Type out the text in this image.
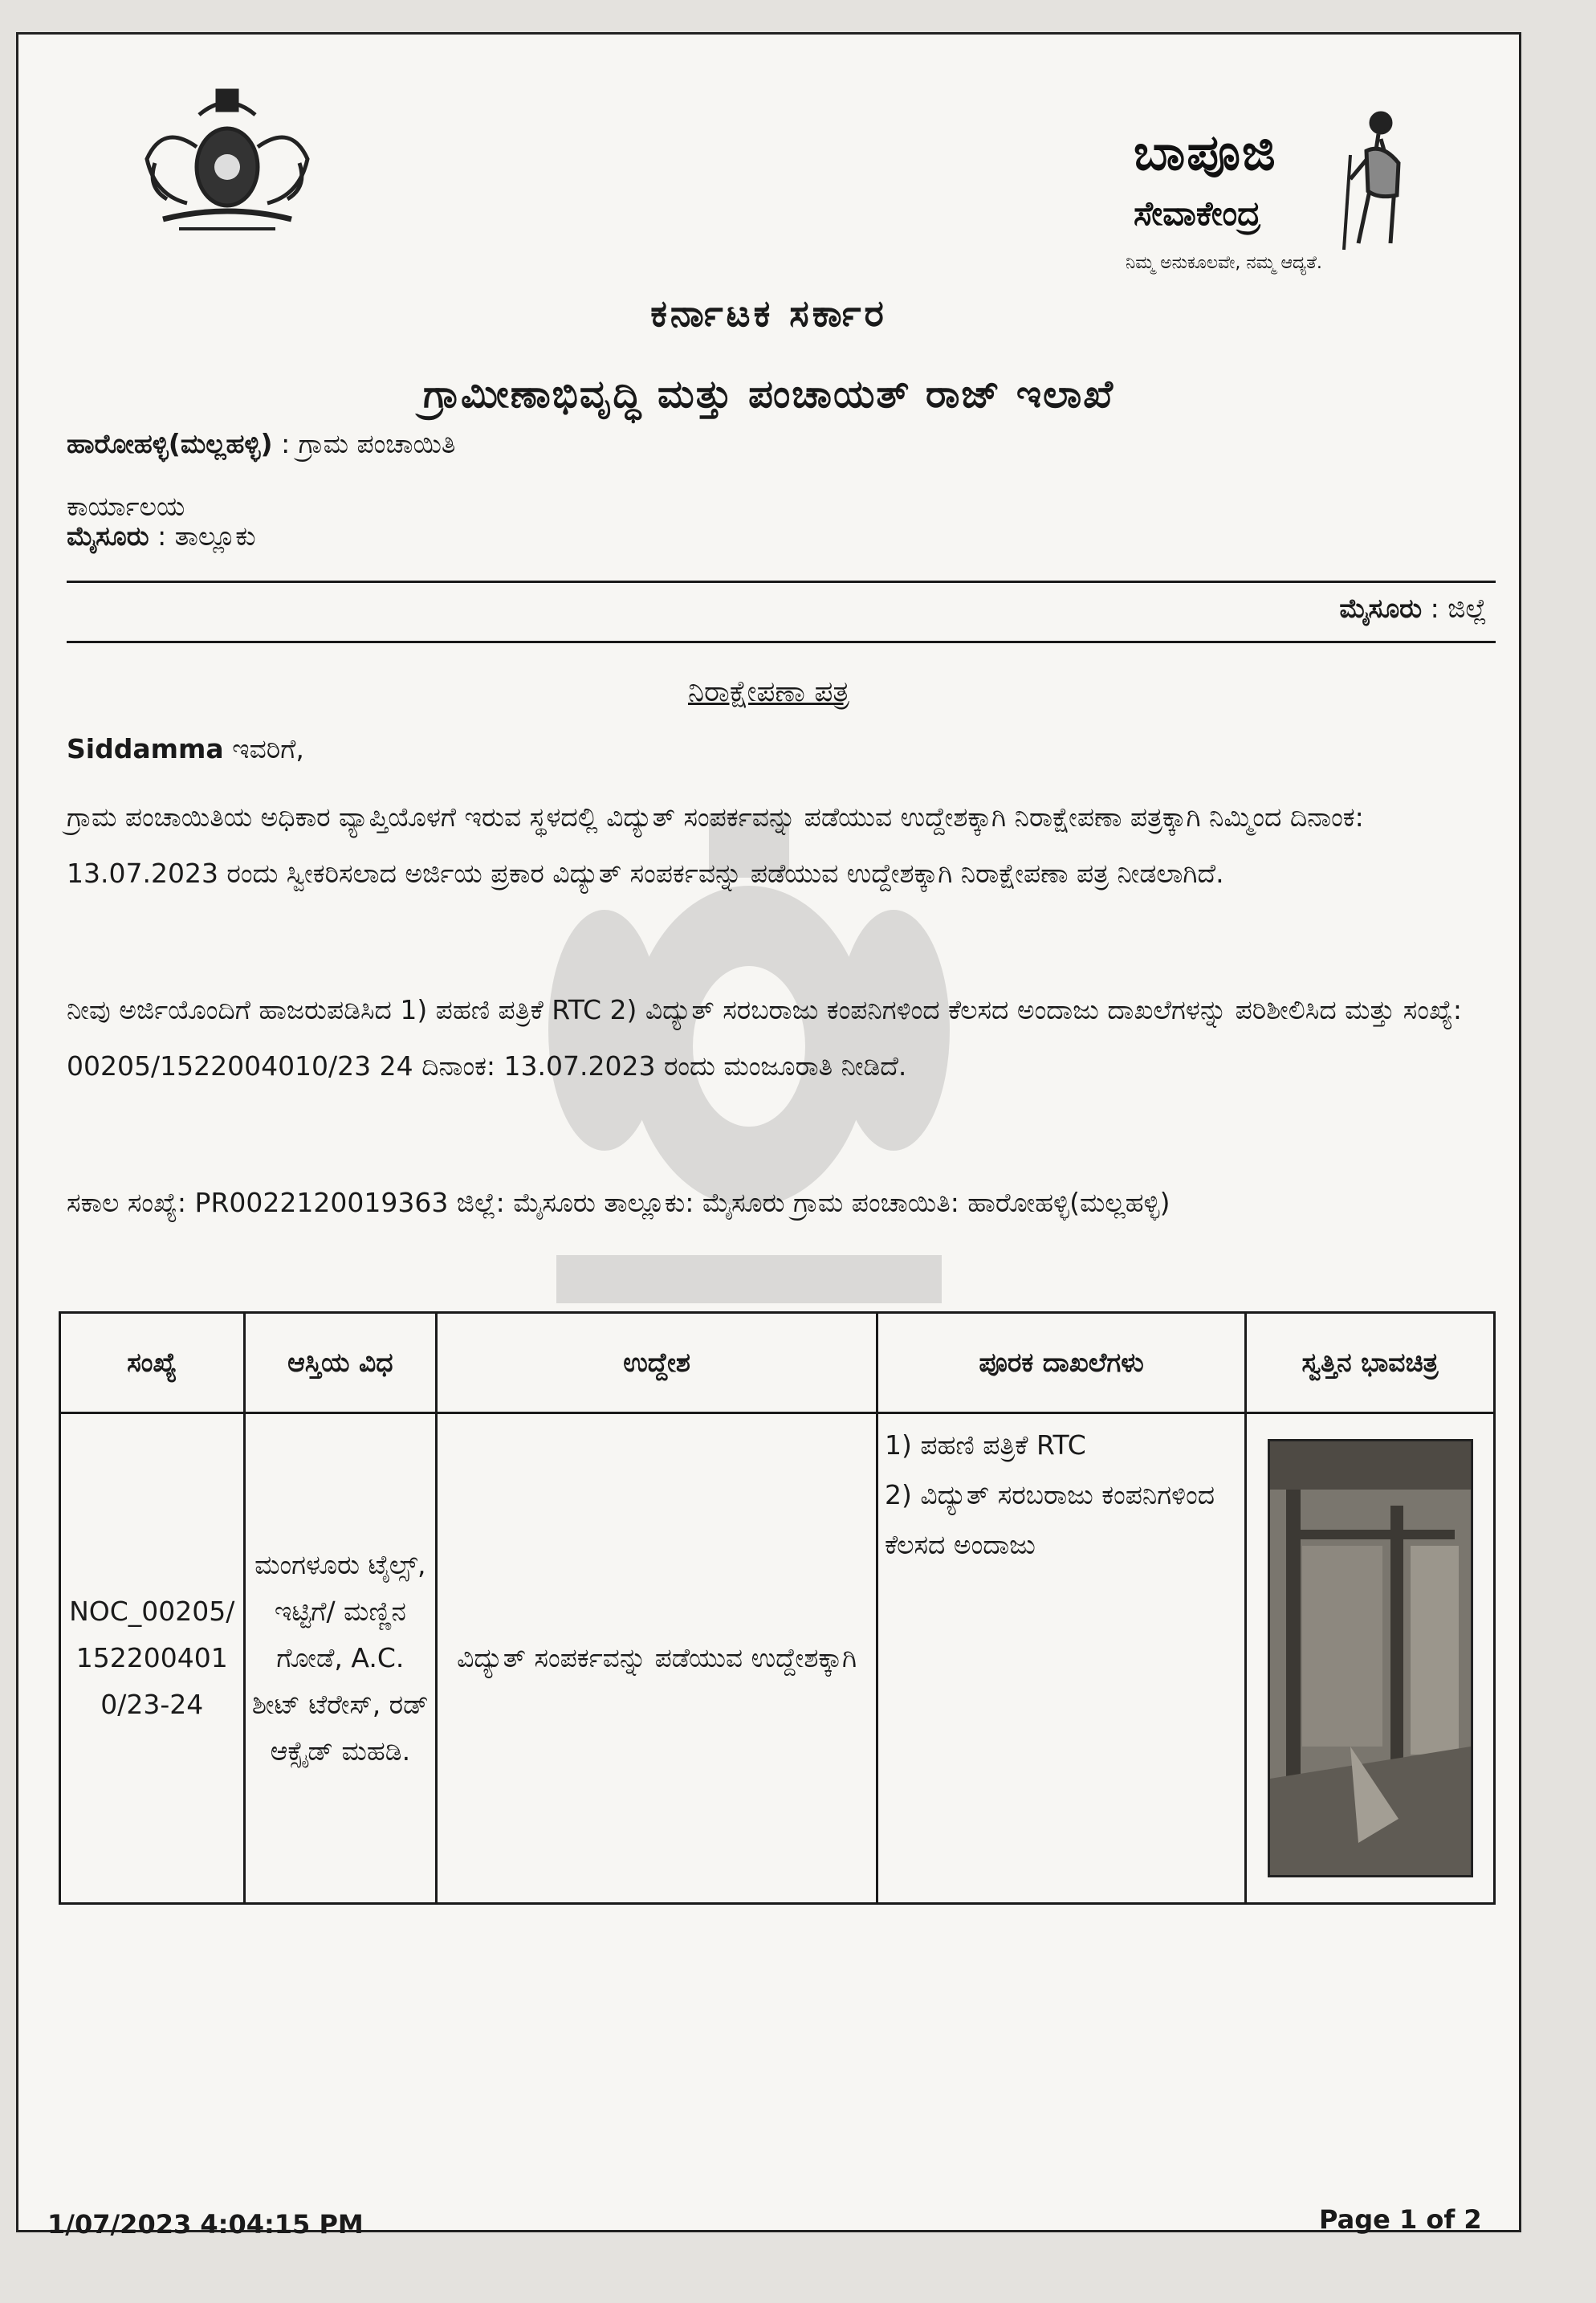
ಬಾಪೂಜಿ
ಸೇವಾಕೇಂದ್ರ
ನಿಮ್ಮ ಅನುಕೂಲವೇ, ನಮ್ಮ ಆದ್ಯತೆ.
ಕರ್ನಾಟಕ ಸರ್ಕಾರ
ಗ್ರಾಮೀಣಾಭಿವೃದ್ಧಿ ಮತ್ತು ಪಂಚಾಯತ್ ರಾಜ್ ಇಲಾಖೆ
ಹಾರೋಹಳ್ಳಿ(ಮಲ್ಲಹಳ್ಳಿ) : ಗ್ರಾಮ ಪಂಚಾಯಿತಿ
ಕಾರ್ಯಾಲಯ
ಮೈಸೂರು : ತಾಲ್ಲೂಕು
ಮೈಸೂರು : ಜಿಲ್ಲೆ
ನಿರಾಕ್ಷೇಪಣಾ ಪತ್ರ
Siddamma ಇವರಿಗೆ,
ಗ್ರಾಮ ಪಂಚಾಯಿತಿಯ ಅಧಿಕಾರ ವ್ಯಾಪ್ತಿಯೊಳಗೆ ಇರುವ ಸ್ಥಳದಲ್ಲಿ ವಿದ್ಯುತ್ ಸಂಪರ್ಕವನ್ನು ಪಡೆಯುವ ಉದ್ದೇಶಕ್ಕಾಗಿ ನಿರಾಕ್ಷೇಪಣಾ ಪತ್ರಕ್ಕಾಗಿ ನಿಮ್ಮಿಂದ ದಿನಾಂಕ: 13.07.2023 ರಂದು ಸ್ವೀಕರಿಸಲಾದ ಅರ್ಜಿಯ ಪ್ರಕಾರ ವಿದ್ಯುತ್ ಸಂಪರ್ಕವನ್ನು ಪಡೆಯುವ ಉದ್ದೇಶಕ್ಕಾಗಿ ನಿರಾಕ್ಷೇಪಣಾ ಪತ್ರ ನೀಡಲಾಗಿದೆ.
ನೀವು ಅರ್ಜಿಯೊಂದಿಗೆ ಹಾಜರುಪಡಿಸಿದ 1) ಪಹಣಿ ಪತ್ರಿಕೆ RTC 2) ವಿದ್ಯುತ್ ಸರಬರಾಜು ಕಂಪನಿಗಳಿಂದ ಕೆಲಸದ ಅಂದಾಜು ದಾಖಲೆಗಳನ್ನು ಪರಿಶೀಲಿಸಿದ ಮತ್ತು ಸಂಖ್ಯೆ: 00205/1522004010/23 24 ದಿನಾಂಕ: 13.07.2023 ರಂದು ಮಂಜೂರಾತಿ ನೀಡಿದೆ.
ಸಕಾಲ ಸಂಖ್ಯೆ: PR0022120019363 ಜಿಲ್ಲೆ: ಮೈಸೂರು ತಾಲ್ಲೂಕು: ಮೈಸೂರು ಗ್ರಾಮ ಪಂಚಾಯಿತಿ: ಹಾರೋಹಳ್ಳಿ(ಮಲ್ಲಹಳ್ಳಿ)
ಸಂಖ್ಯೆ	ಆಸ್ತಿಯ ವಿಧ	ಉದ್ದೇಶ	ಪೂರಕ ದಾಖಲೆಗಳು	ಸ್ವತ್ತಿನ ಭಾವಚಿತ್ರ
NOC_00205/1522004010/23-24	ಮಂಗಳೂರು ಟೈಲ್ಸ್, ಇಟ್ಟಿಗೆ/ ಮಣ್ಣಿನ ಗೋಡೆ, A.C. ಶೀಟ್ ಟೆರೇಸ್, ರಡ್ ಆಕ್ಸೈಡ್ ಮಹಡಿ.	ವಿದ್ಯುತ್ ಸಂಪರ್ಕವನ್ನು ಪಡೆಯುವ ಉದ್ದೇಶಕ್ಕಾಗಿ	1) ಪಹಣಿ ಪತ್ರಿಕೆ RTC
2) ವಿದ್ಯುತ್ ಸರಬರಾಜು ಕಂಪನಿಗಳಿಂದ ಕೆಲಸದ ಅಂದಾಜು

1/07/2023 4:04:15 PM	Page 1 of 2
